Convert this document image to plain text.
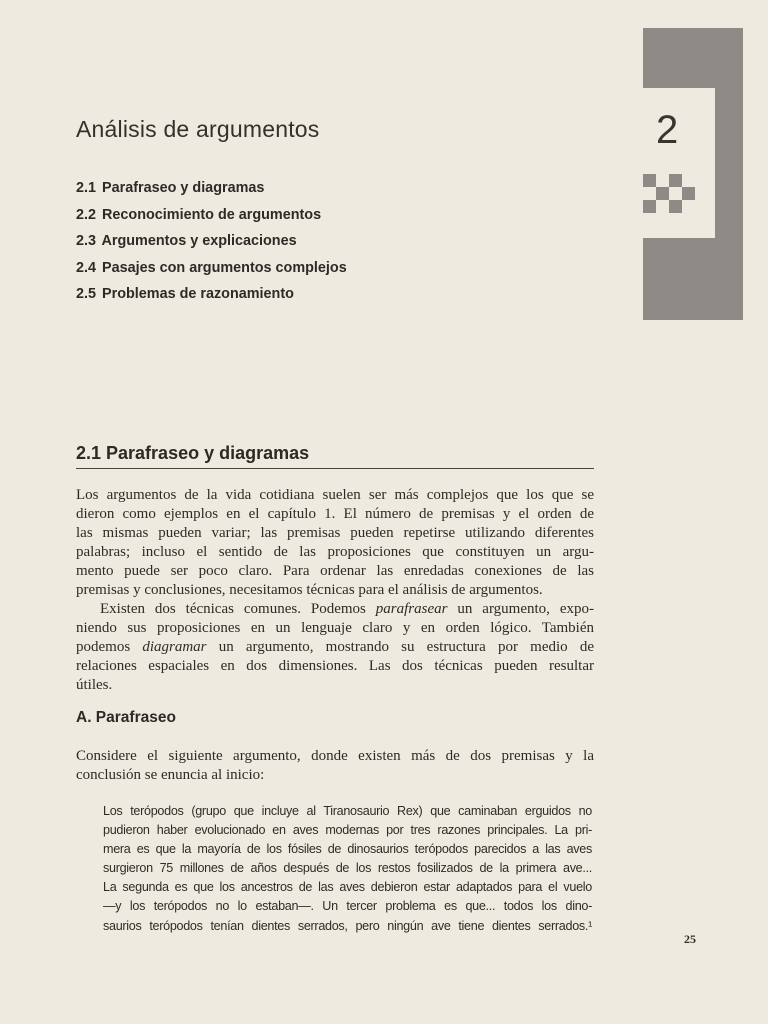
Análisis de argumentos
2.1 Parafraseo y diagramas
2.2 Reconocimiento de argumentos
2.3 Argumentos y explicaciones
2.4 Pasajes con argumentos complejos
2.5 Problemas de razonamiento
2
2.1 Parafraseo y diagramas
Los argumentos de la vida cotidiana suelen ser más complejos que los que se
dieron como ejemplos en el capítulo 1. El número de premisas y el orden de
las mismas pueden variar; las premisas pueden repetirse utilizando diferentes
palabras; incluso el sentido de las proposiciones que constituyen un argu-
mento puede ser poco claro. Para ordenar las enredadas conexiones de las
premisas y conclusiones, necesitamos técnicas para el análisis de argumentos.
Existen dos técnicas comunes. Podemos parafrasear un argumento, expo-
niendo sus proposiciones en un lenguaje claro y en orden lógico. También
podemos diagramar un argumento, mostrando su estructura por medio de
relaciones espaciales en dos dimensiones. Las dos técnicas pueden resultar
útiles.
A. Parafraseo
Considere el siguiente argumento, donde existen más de dos premisas y la
conclusión se enuncia al inicio:
Los terópodos (grupo que incluye al Tiranosaurio Rex) que caminaban erguidos no
pudieron haber evolucionado en aves modernas por tres razones principales. La pri-
mera es que la mayoría de los fósiles de dinosaurios terópodos parecidos a las aves
surgieron 75 millones de años después de los restos fosilizados de la primera ave...
La segunda es que los ancestros de las aves debieron estar adaptados para el vuelo
—y los terópodos no lo estaban—. Un tercer problema es que... todos los dino-
saurios terópodos tenían dientes serrados, pero ningún ave tiene dientes serrados.¹
25
